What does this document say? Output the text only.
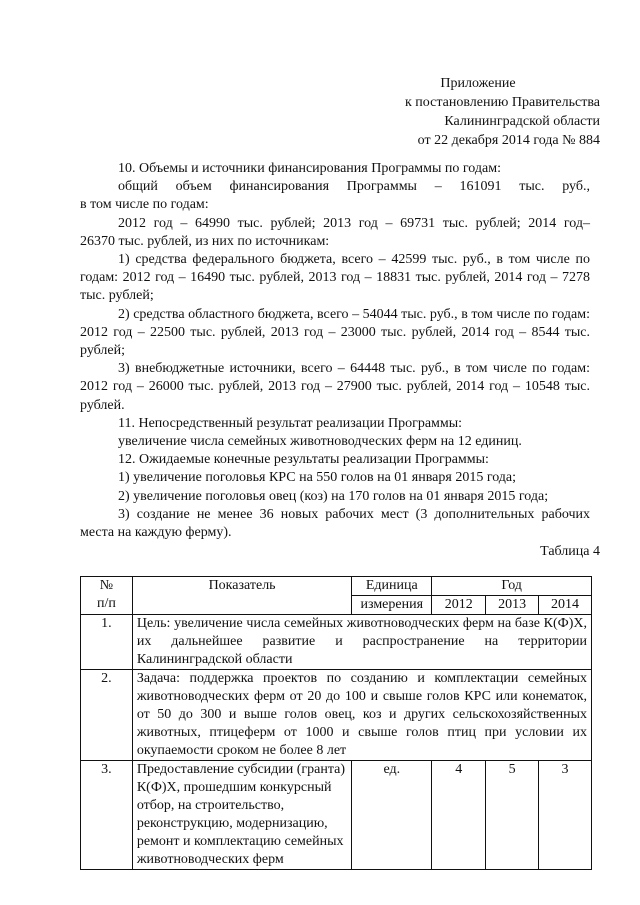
Приложение
к постановлению Правительства
Калининградской области
от 22 декабря 2014 года № 884

10. Объемы и источники финансирования Программы по годам:

общий объем финансирования Программы – 161091 тыс. руб.,

в том числе по годам:

2012 год – 64990 тыс. рублей; 2013 год – 69731 тыс. рублей; 2014 год–

26370 тыс. рублей, из них по источникам:

1) средства федерального бюджета, всего – 42599 тыс. руб., в том числе по годам: 2012 год – 16490 тыс. рублей, 2013 год – 18831 тыс. рублей, 2014 год – 7278 тыс. рублей;

2) средства областного бюджета, всего – 54044 тыс. руб., в том числе по годам: 2012 год – 22500 тыс. рублей, 2013 год – 23000 тыс. рублей, 2014 год – 8544 тыс. рублей;

3) внебюджетные источники, всего – 64448 тыс. руб., в том числе по годам: 2012 год – 26000 тыс. рублей, 2013 год – 27900 тыс. рублей, 2014 год – 10548 тыс. рублей.

11. Непосредственный результат реализации Программы:

увеличение числа семейных животноводческих ферм на 12 единиц.

12. Ожидаемые конечные результаты реализации Программы:

1) увеличение поголовья КРС на 550 голов на 01 января 2015 года;

2) увеличение поголовья овец (коз) на 170 голов на 01 января 2015 года;

3) создание не менее 36 новых рабочих мест (3 дополнительных рабочих места на каждую ферму).

Таблица 4
№
п/п	Показатель	Единица	Год		
		измерения	2012	2013	2014
1.	Цель: увеличение числа семейных животноводческих ферм на базе К(Ф)Х, их дальнейшее развитие и распространение на территории Калининградской области				
2.	Задача: поддержка проектов по созданию и комплектации семейных животноводческих ферм от 20 до 100 и свыше голов КРС или конематок, от 50 до 300 и выше голов овец, коз и других сельскохозяйственных животных, птицеферм от 1000 и свыше голов птиц при условии их окупаемости сроком не более 8 лет				
3.	Предоставление субсидии (гранта) К(Ф)Х, прошедшим конкурсный отбор, на строительство, реконструкцию, модернизацию, ремонт и комплектацию семейных животноводческих ферм	ед.	4	5	3
